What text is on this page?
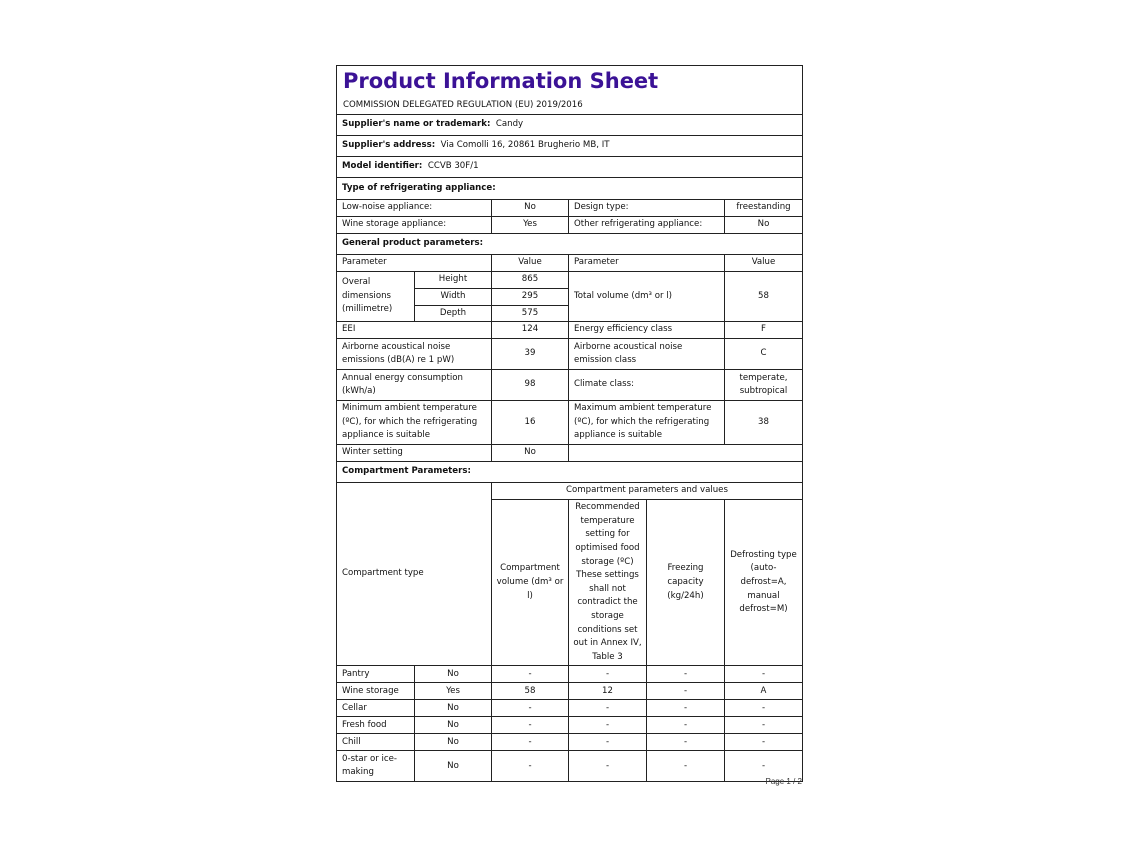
Product Information Sheet
COMMISSION DELEGATED REGULATION (EU) 2019/2016					

Supplier's name or trademark: Candy					
Supplier's address: Via Comolli 16, 20861 Brugherio MB, IT					
Model identifier: CCVB 30F/1					
Type of refrigerating appliance:					
Low-noise appliance:		No	Design type:		freestanding
Wine storage appliance:		Yes	Other refrigerating appliance:		No
General product parameters:					
Parameter		Value	Parameter		Value
Overal dimensions (millimetre)	Height	865	Total volume (dm³ or l)		58
	Width	295			
	Depth	575			
EEI		124	Energy efficiency class		F
Airborne acoustical noise emissions (dB(A) re 1 pW)		39	Airborne acoustical noise emission class		C
Annual energy consumption (kWh/a)		98	Climate class:		temperate, subtropical
Minimum ambient temperature (ºC), for which the refrigerating appliance is suitable		16	Maximum ambient temperature (ºC), for which the refrigerating appliance is suitable		38
Winter setting		No			
Compartment Parameters:					
Compartment type		Compartment parameters and values			
		Compartment volume (dm³ or l)	Recommended temperature setting for optimised food storage (ºC) These settings shall not contradict the storage conditions set out in Annex IV, Table 3	Freezing capacity (kg/24h)	Defrosting type (auto-defrost=A, manual defrost=M)
Pantry	No	-	-	-	-
Wine storage	Yes	58	12	-	A
Cellar	No	-	-	-	-
Fresh food	No	-	-	-	-
Chill	No	-	-	-	-
0-star or ice-making	No	-	-	-	-
Page 1 / 2
